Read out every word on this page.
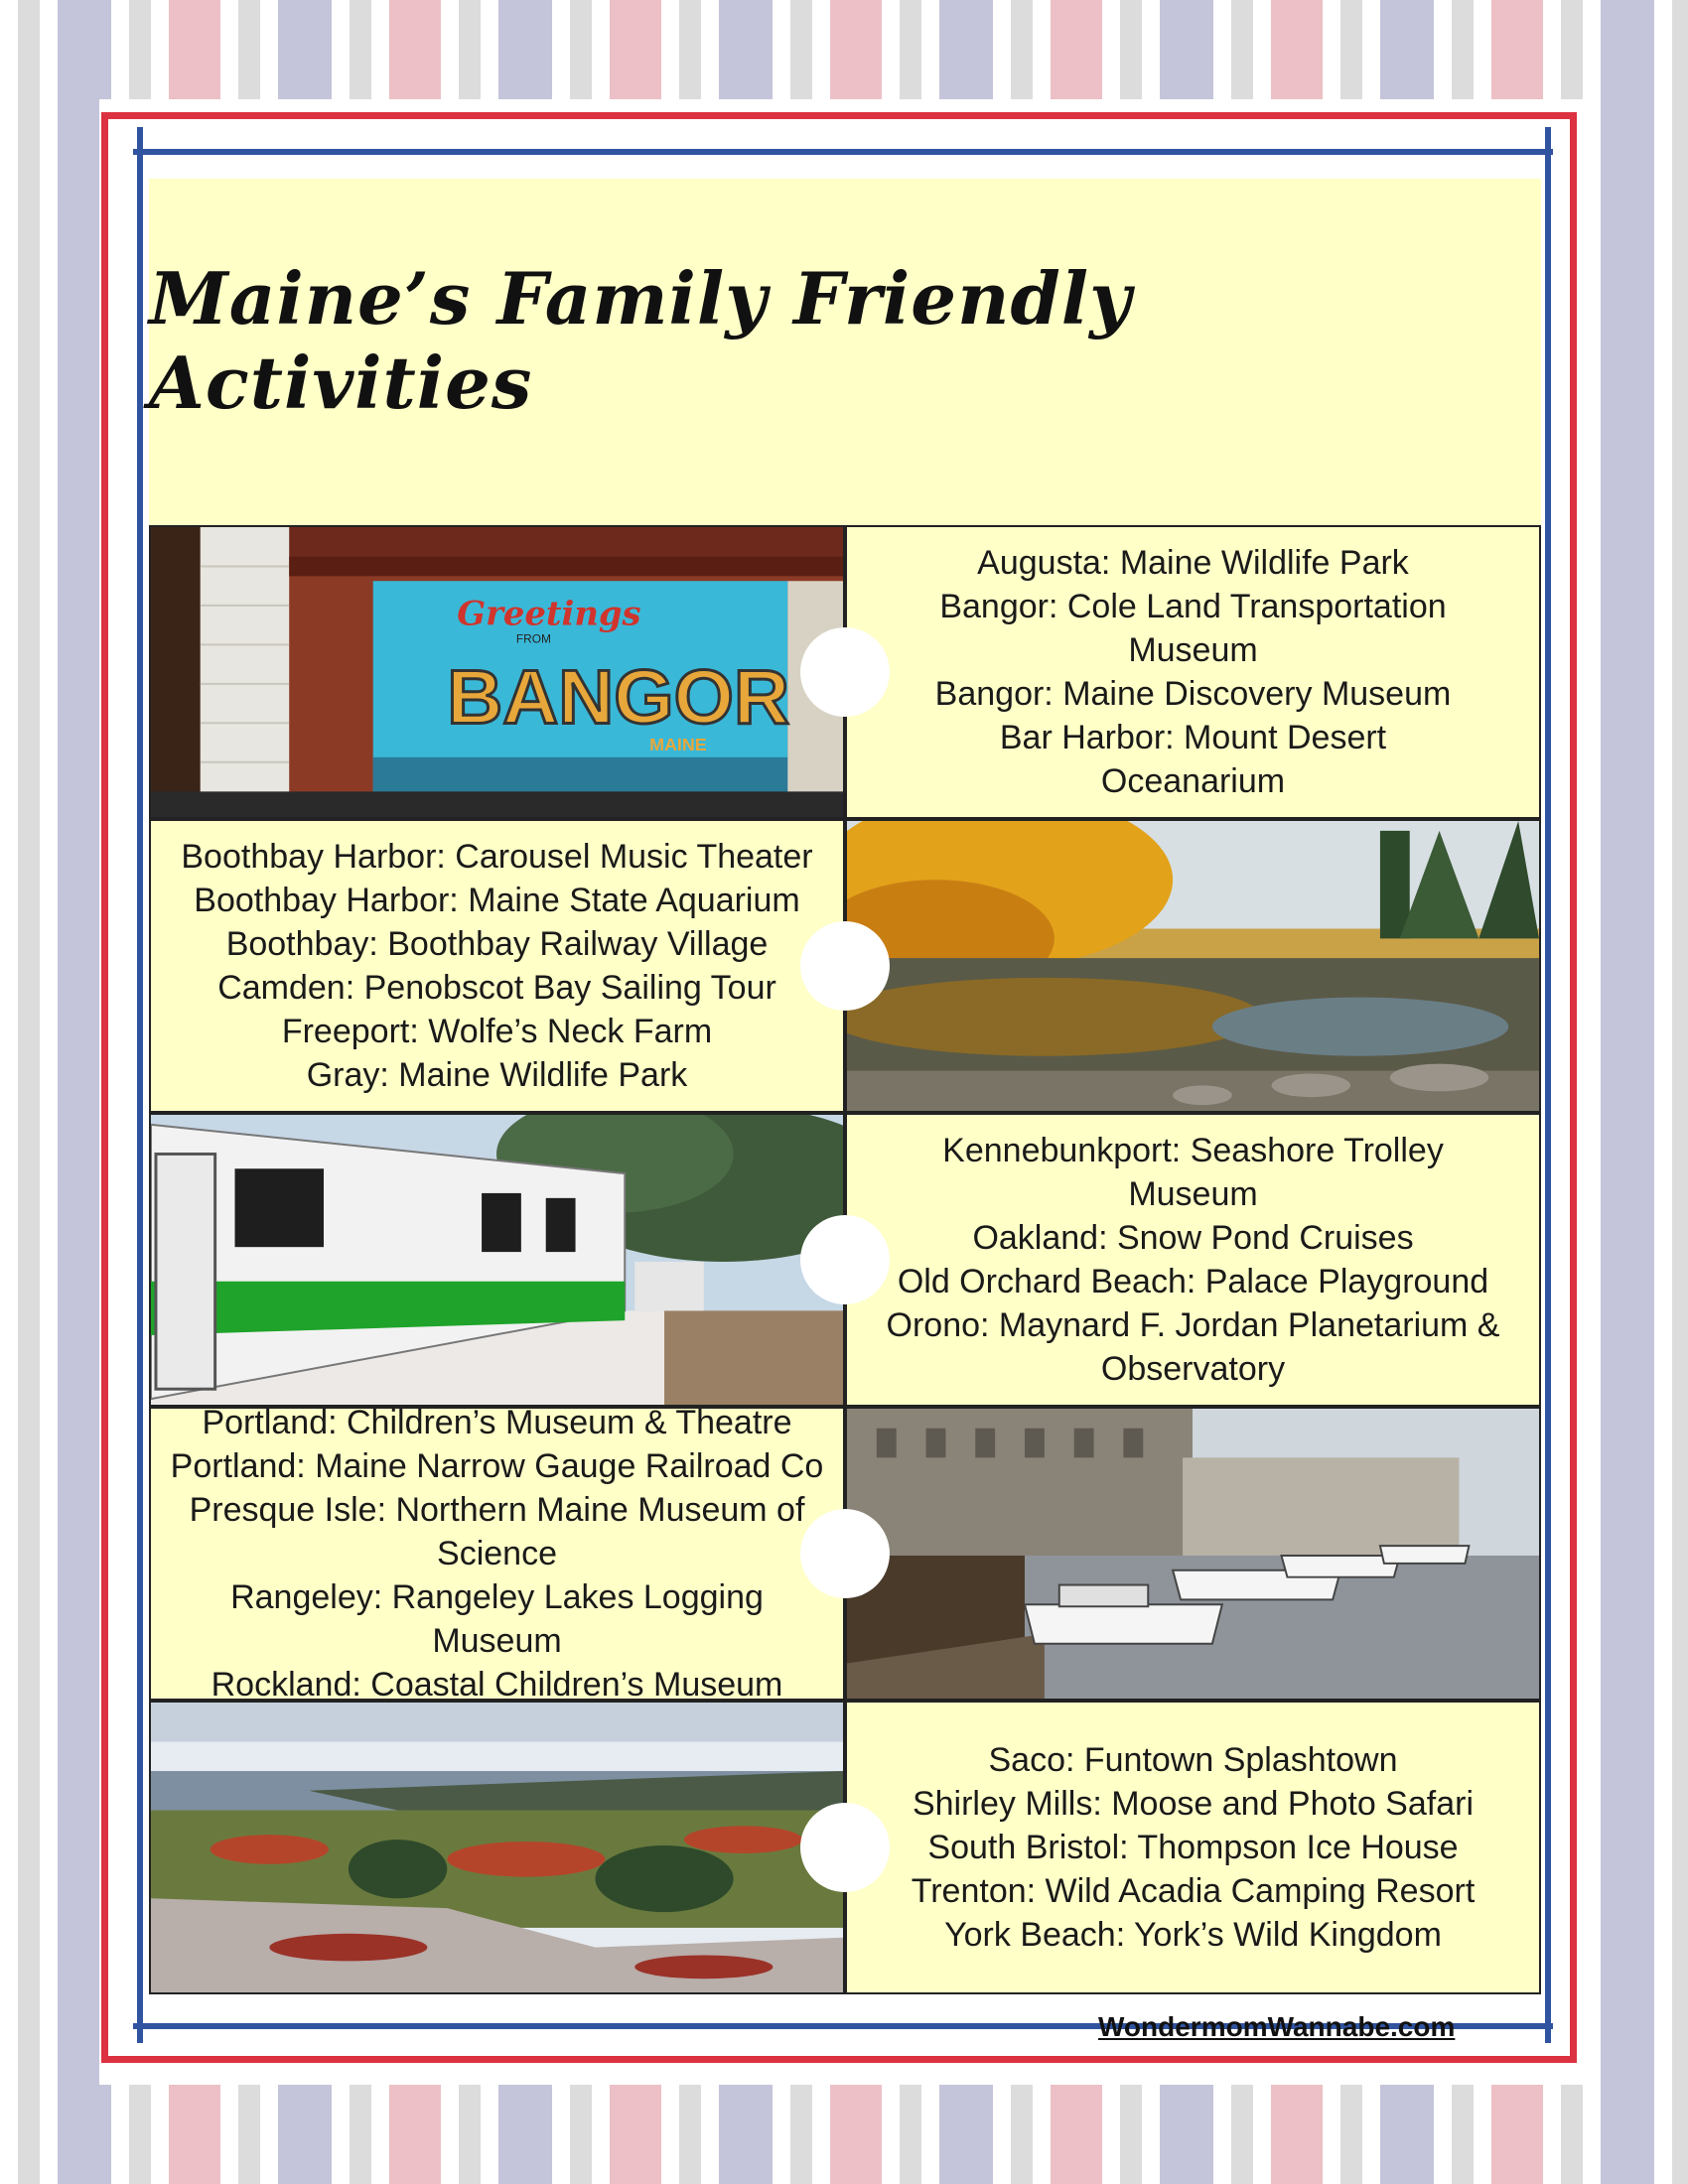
Maine’s Family Friendly Activities
Greetings
FROM
BANGOR
MAINE
Augusta: Maine Wildlife Park
Bangor: Cole Land Transportation
Museum
Bangor: Maine Discovery Museum
Bar Harbor: Mount Desert
Oceanarium
Boothbay Harbor: Carousel Music Theater
Boothbay Harbor: Maine State Aquarium
Boothbay: Boothbay Railway Village
Camden: Penobscot Bay Sailing Tour
Freeport: Wolfe’s Neck Farm
Gray: Maine Wildlife Park
Kennebunkport: Seashore Trolley
Museum
Oakland: Snow Pond Cruises
Old Orchard Beach: Palace Playground
Orono: Maynard F. Jordan Planetarium &
Observatory
Portland: Children’s Museum & Theatre
Portland: Maine Narrow Gauge Railroad Co
Presque Isle: Northern Maine Museum of
Science
Rangeley: Rangeley Lakes Logging Museum
Rockland: Coastal Children’s Museum
Saco: Funtown Splashtown
Shirley Mills: Moose and Photo Safari
South Bristol: Thompson Ice House
Trenton: Wild Acadia Camping Resort
York Beach: York’s Wild Kingdom
WondermomWannabe.com
